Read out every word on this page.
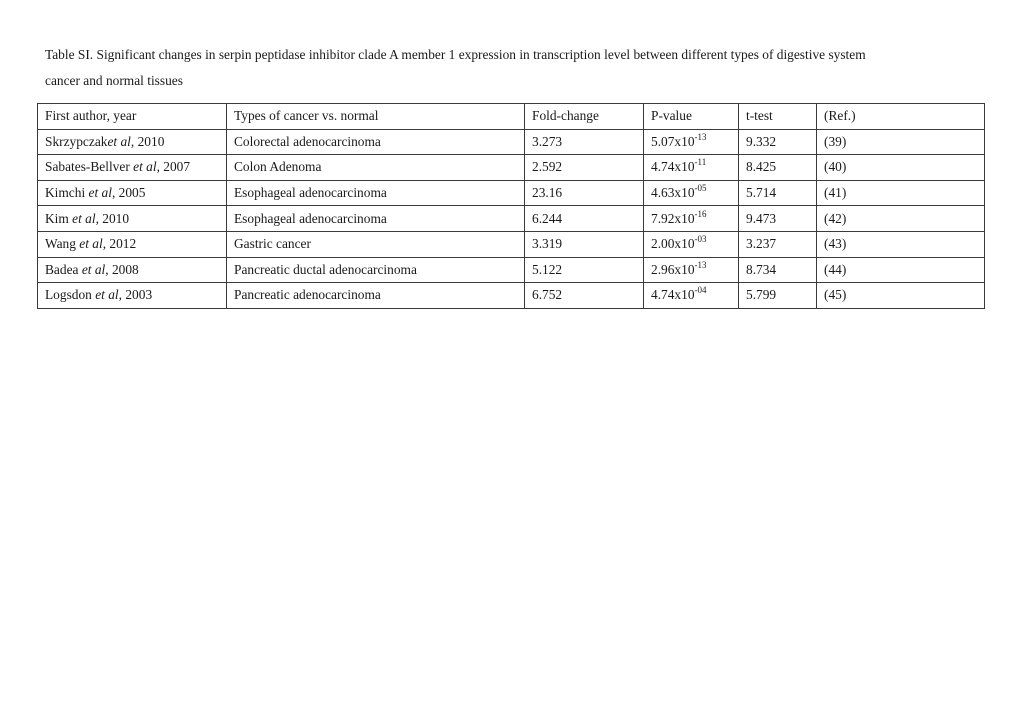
Table SI. Significant changes in serpin peptidase inhibitor clade A member 1 expression in transcription level between different types of digestive system
cancer and normal tissues
First author, year	Types of cancer vs. normal	Fold-change	P-value	t-test	(Ref.)
Skrzypczaket al, 2010	Colorectal adenocarcinoma	3.273	$5.07x10^{-13}$	9.332	(39)
Sabates-Bellver et al, 2007	Colon Adenoma	2.592	$4.74x10^{-11}$	8.425	(40)
Kimchi et al, 2005	Esophageal adenocarcinoma	23.16	$4.63x10^{-05}$	5.714	(41)
Kim et al, 2010	Esophageal adenocarcinoma	6.244	$7.92x10^{-16}$	9.473	(42)
Wang et al, 2012	Gastric cancer	3.319	$2.00x10^{-03}$	3.237	(43)
Badea et al, 2008	Pancreatic ductal adenocarcinoma	5.122	$2.96x10^{-13}$	8.734	(44)
Logsdon et al, 2003	Pancreatic adenocarcinoma	6.752	$4.74x10^{-04}$	5.799	(45)
